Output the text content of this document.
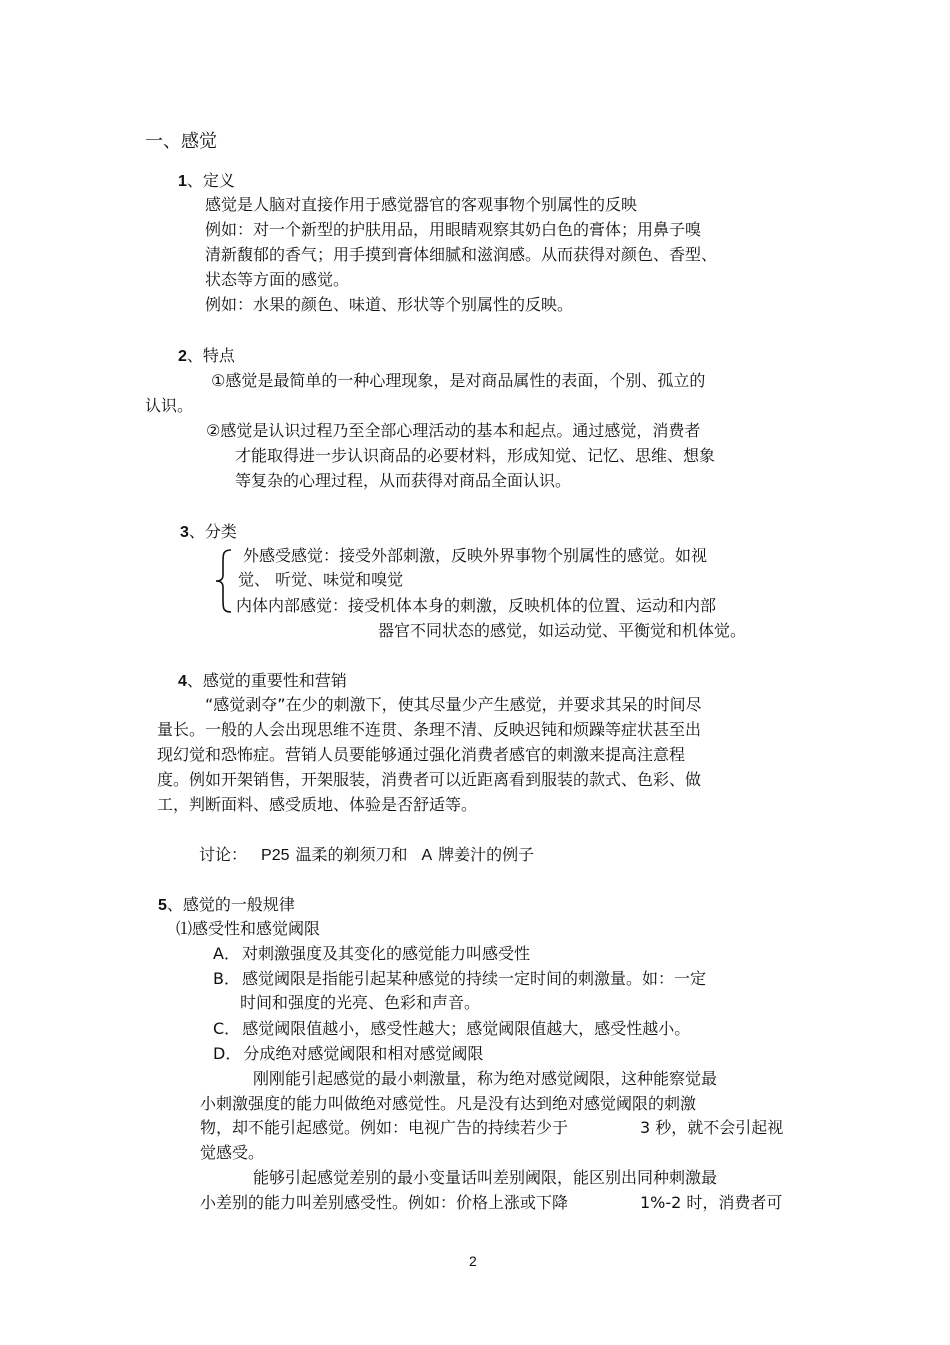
一、感觉
1、定义
感觉是人脑对直接作用于感觉器官的客观事物个别属性的反映
例如：对一个新型的护肤用品，用眼睛观察其奶白色的膏体；用鼻子嗅
清新馥郁的香气；用手摸到膏体细腻和滋润感。从而获得对颜色、香型、
状态等方面的感觉。
例如：水果的颜色、味道、形状等个别属性的反映。
2、特点
①感觉是最简单的一种心理现象，是对商品属性的表面，个别、孤立的
认识。
②感觉是认识过程乃至全部心理活动的基本和起点。通过感觉，消费者
才能取得进一步认识商品的必要材料，形成知觉、记忆、思维、想象
等复杂的心理过程，从而获得对商品全面认识。
3、分类
外感受感觉：接受外部刺激，反映外界事物个别属性的感觉。如视
觉、 听觉、味觉和嗅觉
内体内部感觉：接受机体本身的刺激，反映机体的位置、运动和内部
器官不同状态的感觉，如运动觉、平衡觉和机体觉。
4、感觉的重要性和营销
“感觉剥夺”在少的刺激下，使其尽量少产生感觉，并要求其呆的时间尽
量长。一般的人会出现思维不连贯、条理不清、反映迟钝和烦躁等症状甚至出
现幻觉和恐怖症。营销人员要能够通过强化消费者感官的刺激来提高注意程
度。例如开架销售，开架服装，消费者可以近距离看到服装的款式、色彩、做
工，判断面料、感受质地、体验是否舒适等。
讨论： P25 温柔的剃须刀和 A 牌姜汁的例子
5、感觉的一般规律
⑴感受性和感觉阈限
A． 对刺激强度及其变化的感觉能力叫感受性
B． 感觉阈限是指能引起某种感觉的持续一定时间的刺激量。如：一定
时间和强度的光亮、色彩和声音。
C． 感觉阈限值越小，感受性越大；感觉阈限值越大，感受性越小。
D． 分成绝对感觉阈限和相对感觉阈限
刚刚能引起感觉的最小刺激量，称为绝对感觉阈限，这种能察觉最
小刺激强度的能力叫做绝对感觉性。凡是没有达到绝对感觉阈限的刺激
物，却不能引起感觉。例如：电视广告的持续若少于	3 秒，就不会引起视
觉感受。
能够引起感觉差别的最小变量话叫差别阈限，能区别出同种刺激最
小差别的能力叫差别感受性。例如：价格上涨或下降	1%-2 时，消费者可
2
